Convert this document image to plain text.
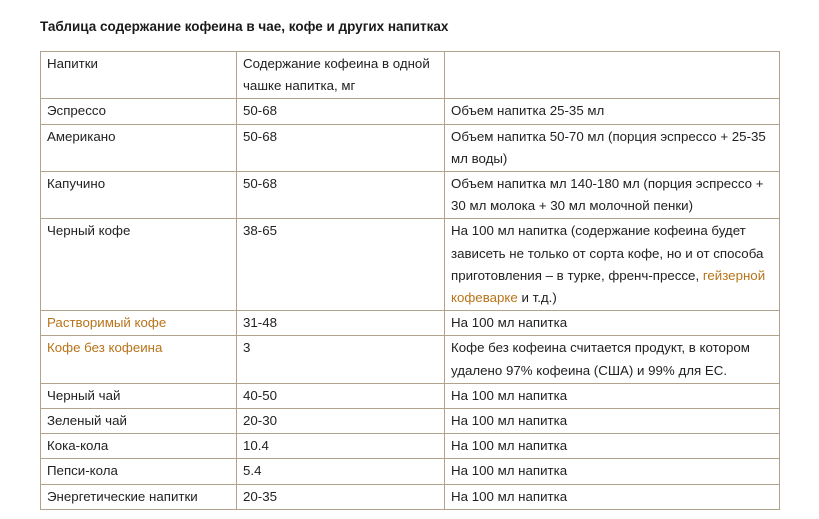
Таблица содержание кофеина в чае, кофе и других напитках
Напитки	Содержание кофеина в одной чашке напитка, мг	
Эспрессо	50-68	Объем напитка 25-35 мл
Американо	50-68	Объем напитка 50-70 мл (порция эспрессо + 25-35 мл воды)
Капучино	50-68	Объем напитка мл 140-180 мл (порция эспрессо + 30 мл молока + 30 мл молочной пенки)
Черный кофе	38-65	На 100 мл напитка (содержание кофеина будет зависеть не только от сорта кофе, но и от способа приготовления – в турке, френч-прессе, гейзерной кофеварке и т.д.)
Растворимый кофе	31-48	На 100 мл напитка
Кофе без кофеина	3	Кофе без кофеина считается продукт, в котором удалено 97% кофеина (США) и 99% для ЕС.
Черный чай	40-50	На 100 мл напитка
Зеленый чай	20-30	На 100 мл напитка
Кока-кола	10.4	На 100 мл напитка
Пепси-кола	5.4	На 100 мл напитка
Энергетические напитки	20-35	На 100 мл напитка
